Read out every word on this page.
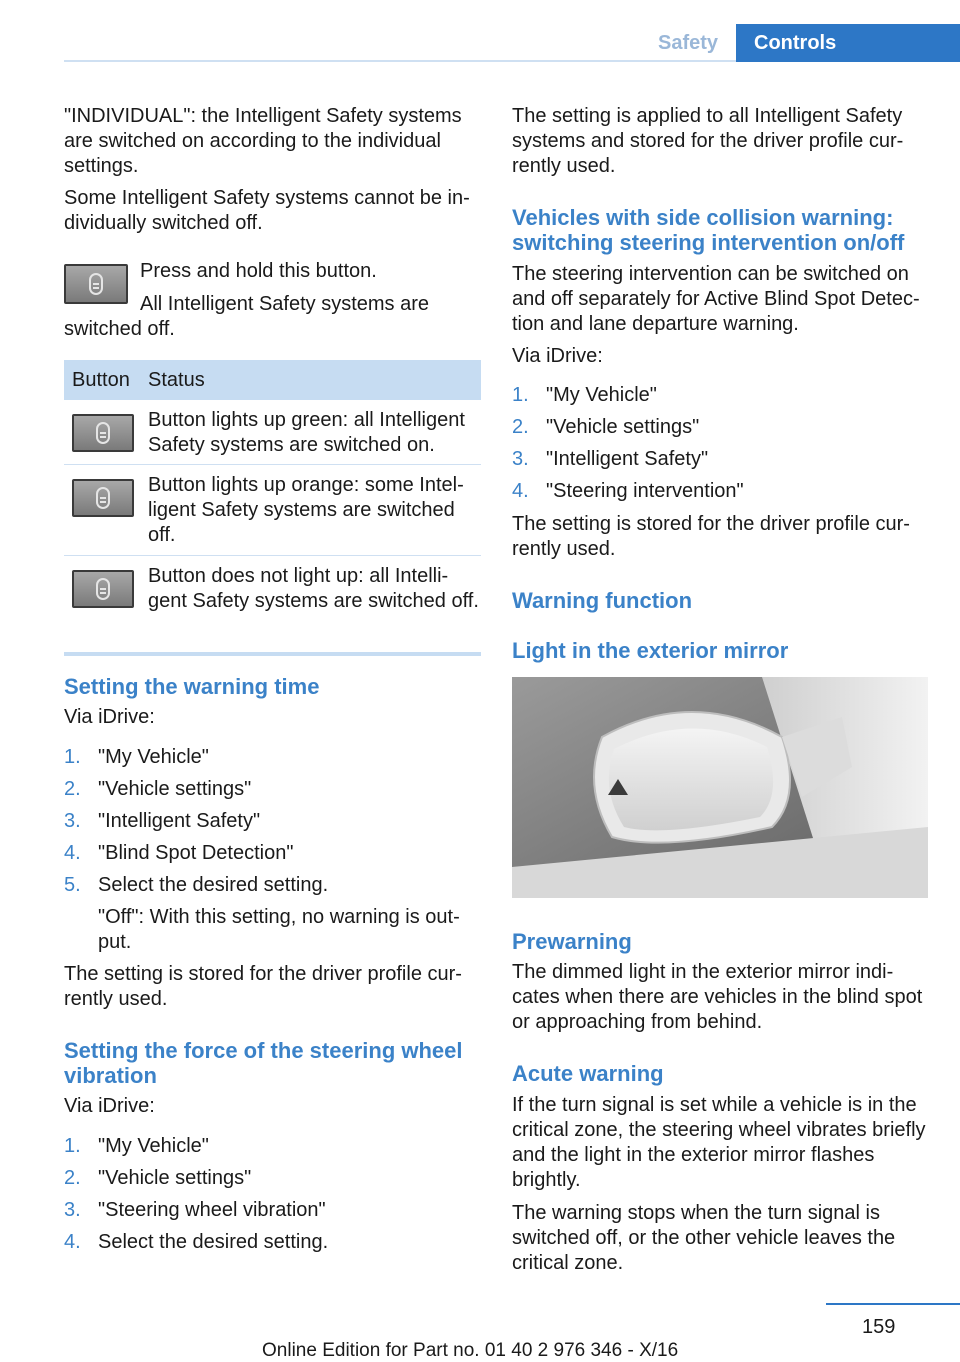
Safety	Controls

"INDIVIDUAL": the Intelligent Safety systems are switched on according to the individual settings.

Some Intelligent Safety systems cannot be in-dividually switched off.

Press and hold this button.

All Intelligent Safety systems are

switched off.

Button Status
Button lights up green: all Intelligent Safety systems are switched on.
Button lights up orange: some Intel-ligent Safety systems are switched off.
Button does not light up: all Intelli-gent Safety systems are switched off.
Setting the warning time

Via iDrive:

1. "My Vehicle"
2. "Vehicle settings"
3. "Intelligent Safety"
4. "Blind Spot Detection"
5. Select the desired setting.

"Off": With this setting, no warning is out-put.

The setting is stored for the driver profile cur-rently used.

Setting the force of the steering wheel vibration

Via iDrive:

1. "My Vehicle"
2. "Vehicle settings"
3. "Steering wheel vibration"
4. Select the desired setting.

The setting is applied to all Intelligent Safety systems and stored for the driver profile cur-rently used.

Vehicles with side collision warning: switching steering intervention on/off

The steering intervention can be switched on and off separately for Active Blind Spot Detec-tion and lane departure warning.

Via iDrive:

1. "My Vehicle"
2. "Vehicle settings"
3. "Intelligent Safety"
4. "Steering intervention"

The setting is stored for the driver profile cur-rently used.

Warning function
Light in the exterior mirror
Prewarning

The dimmed light in the exterior mirror indi-cates when there are vehicles in the blind spot or approaching from behind.

Acute warning

If the turn signal is set while a vehicle is in the critical zone, the steering wheel vibrates briefly and the light in the exterior mirror flashes brightly.

The warning stops when the turn signal is switched off, or the other vehicle leaves the critical zone.

159
Online Edition for Part no. 01 40 2 976 346 - X/16
